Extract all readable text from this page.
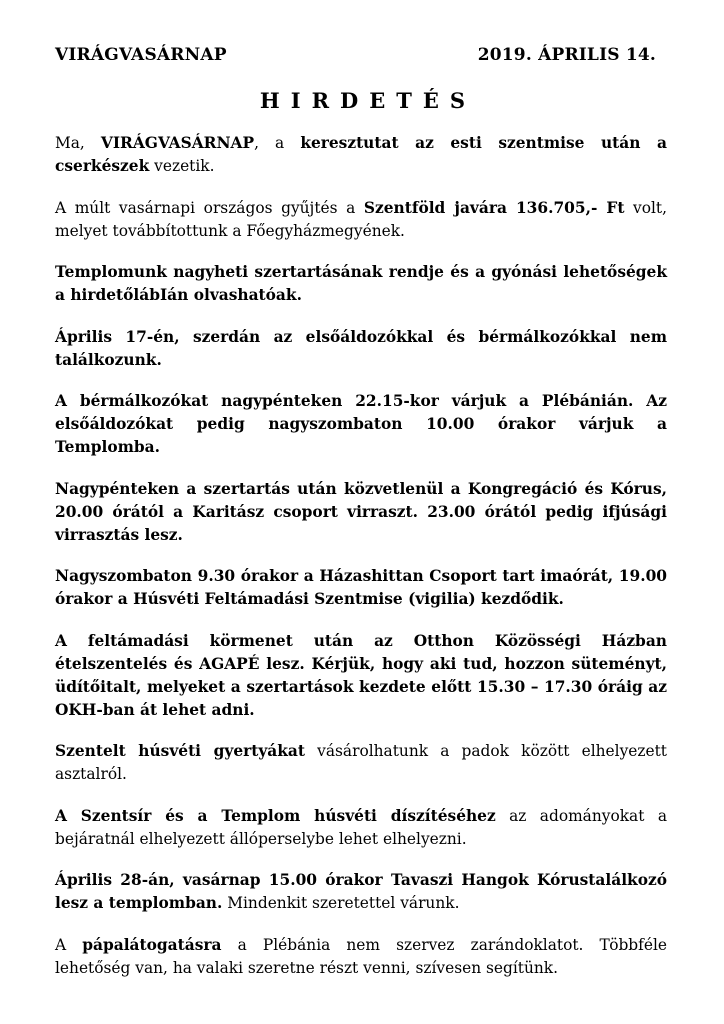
VIRÁGVASÁRNAP	2019. ÁPRILIS 14.
HIRDETÉS

Ma, VIRÁGVASÁRNAP, a keresztutat az esti szentmise után a cserkészek vezetik.

A múlt vasárnapi országos gyűjtés a Szentföld javára 136.705,- Ft volt, melyet továbbítottunk a Főegyházmegyének.

Templomunk nagyheti szertartásának rendje és a gyónási lehetőségek a hirdetőlábIán olvashatóak.

Április 17-én, szerdán az elsőáldozókkal és bérmálkozókkal nem találkozunk.

A bérmálkozókat nagypénteken 22.15-kor várjuk a Plébánián. Az elsőáldozókat pedig nagyszombaton 10.00 órakor várjuk a Templomba.

Nagypénteken a szertartás után közvetlenül a Kongregáció és Kórus, 20.00 órától a Karitász csoport virraszt. 23.00 órától pedig ifjúsági virrasztás lesz.

Nagyszombaton 9.30 órakor a Házashittan Csoport tart imaórát, 19.00 órakor a Húsvéti Feltámadási Szentmise (vigilia) kezdődik.

A feltámadási körmenet után az Otthon Közösségi Házban ételszentelés és AGAPÉ lesz. Kérjük, hogy aki tud, hozzon süteményt, üdítőitalt, melyeket a szertartások kezdete előtt 15.30 – 17.30 óráig az OKH-ban át lehet adni.

Szentelt húsvéti gyertyákat vásárolhatunk a padok között elhelyezett asztalról.

A Szentsír és a Templom húsvéti díszítéséhez az adományokat a bejáratnál elhelyezett állóperselybe lehet elhelyezni.

Április 28-án, vasárnap 15.00 órakor Tavaszi Hangok Kórustalálkozó lesz a templomban. Mindenkit szeretettel várunk.

A pápalátogatásra a Plébánia nem szervez zarándoklatot. Többféle lehetőség van, ha valaki szeretne részt venni, szívesen segítünk.
